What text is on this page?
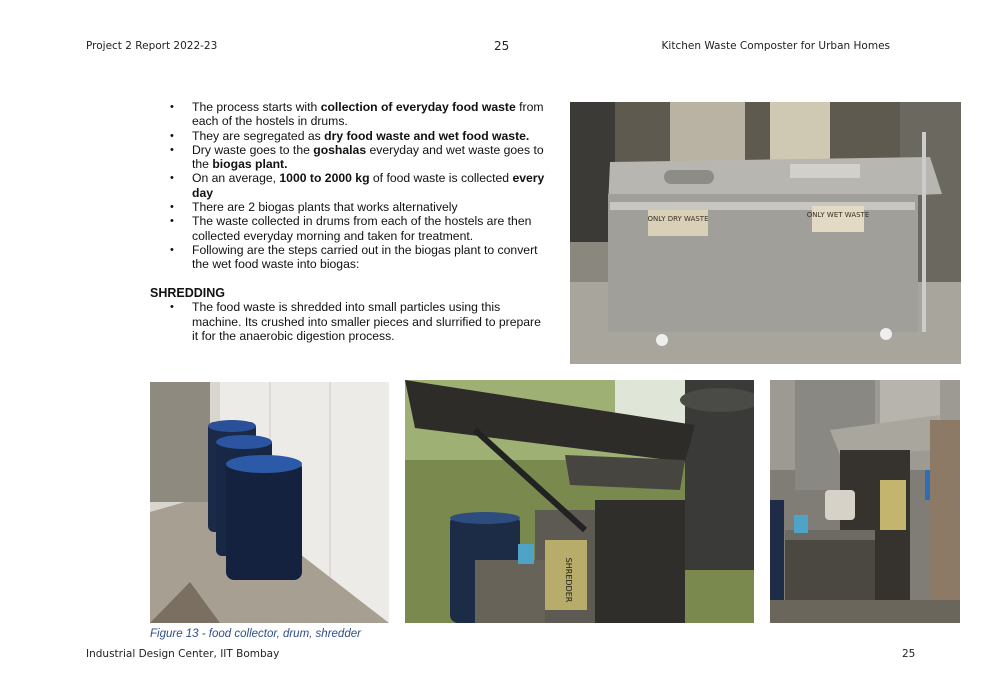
Project 2 Report 2022-23	25	Kitchen Waste Composter for Urban Homes
• The process starts with collection of everyday food waste from each of the hostels in drums.
• They are segregated as dry food waste and wet food waste.
• Dry waste goes to the goshalas everyday and wet waste goes to the biogas plant.
• On an average, 1000 to 2000 kg of food waste is collected every day
• There are 2 biogas plants that works alternatively
• The waste collected in drums from each of the hostels are then collected everyday morning and taken for treatment.
• Following are the steps carried out in the biogas plant to convert the wet food waste into biogas:
SHREDDING
• The food waste is shredded into small particles using this machine. Its crushed into smaller pieces and slurrified to prepare it for the anaerobic digestion process.
ONLY DRY WASTE	ONLY WET WASTE
SHREDDER
Figure 13 - food collector, drum, shredder
Industrial Design Center, IIT Bombay	25
